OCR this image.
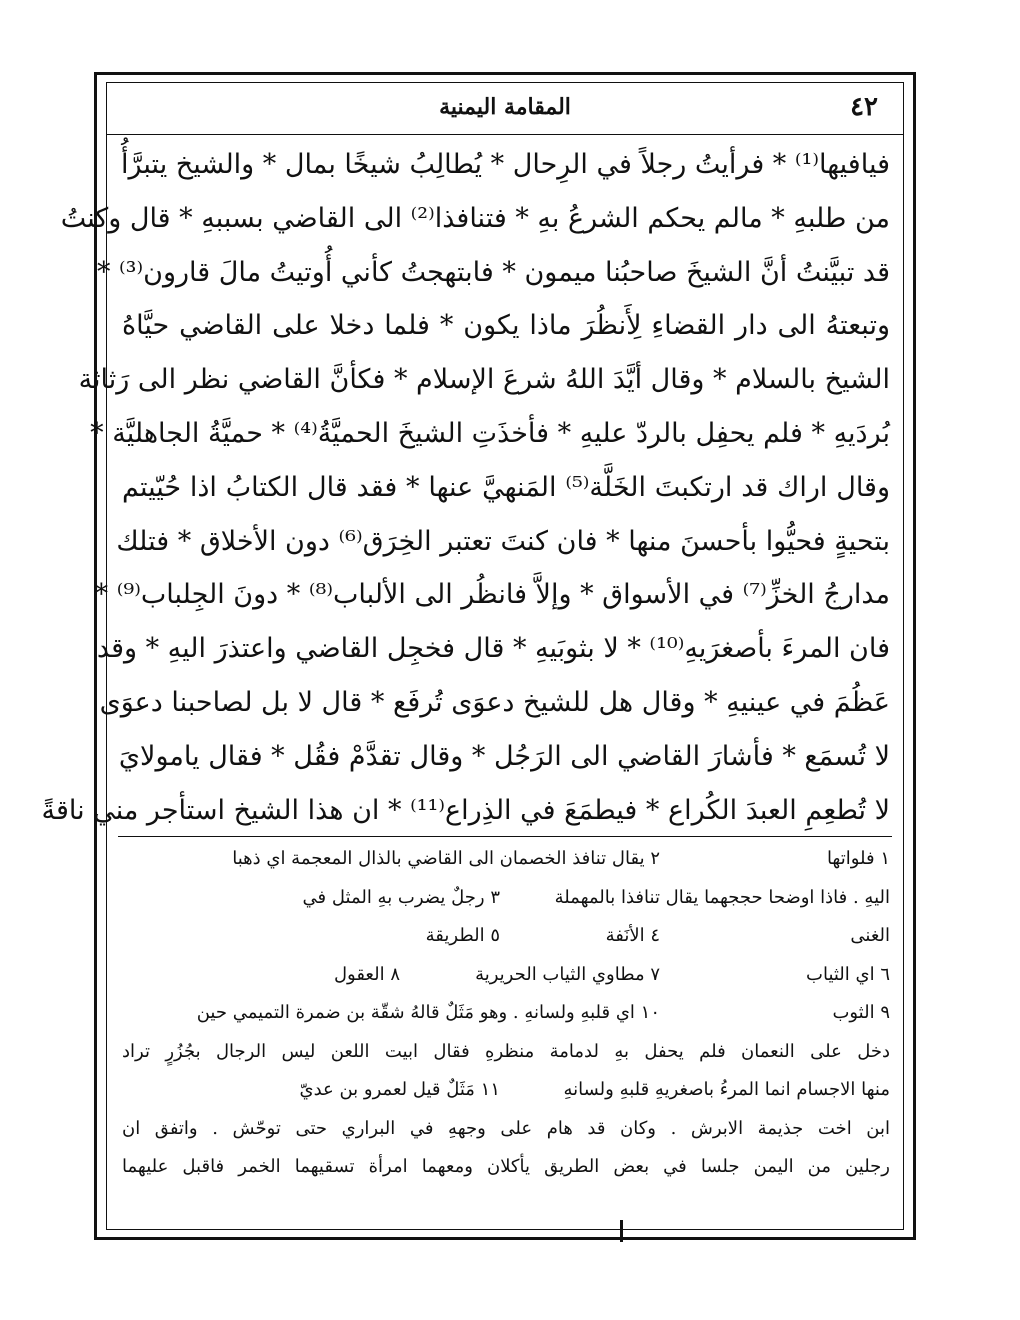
المقامة اليمنية	٤٢
فيافيها⁽¹⁾ * فرأيتُ رجلاً في الرِحال * يُطالِبُ شيخًا بمال * والشيخ يتبرَّأُ
من طلبهِ * مالم يحكم الشرعُ بهِ * فتنافذا⁽²⁾ الى القاضي بسببهِ * قال وكنتُ
قد تبيَّنتُ أنَّ الشيخَ صاحبُنا ميمون * فابتهجتُ كأني أُوتيتُ مالَ قارون⁽³⁾ *
وتبعتهُ الى دار القضاءِ لِأَنظُرَ ماذا يكون * فلما دخلا على القاضي حيَّاهُ
الشيخ بالسلام * وقال أيَّدَ اللهُ شرعَ الإسلام * فكأنَّ القاضي نظر الى رَثاثة
بُردَيهِ * فلم يحفِل بالردّ عليهِ * فأخذَتِ الشيخَ الحميَّةُ⁽⁴⁾ * حميَّةُ الجاهليَّة *
وقال اراك قد ارتكبتَ الخَلَّة⁽⁵⁾ المَنهيَّ عنها * فقد قال الكتابُ اذا حُيّيتم
بتحيةٍ فحيُّوا بأحسنَ منها * فان كنتَ تعتبر الخِرَق⁽⁶⁾ دون الأخلاق * فتلك
مدارجُ الخزِّ⁽⁷⁾ في الأسواق * وإلاَّ فانظُر الى الألباب⁽⁸⁾ * دونَ الجِلباب⁽⁹⁾ *
فان المرءَ بأصغرَيهِ⁽¹⁰⁾ * لا بثوبَيهِ * قال فخجِل القاضي واعتذرَ اليهِ * وقد
عَظُمَ في عينيهِ * وقال هل للشيخ دعوَى تُرفَع * قال لا بل لصاحبنا دعوَى
لا تُسمَع * فأشارَ القاضي الى الرَجُل * وقال تقدَّمْ فقُل * فقال يامولايَ
لا تُطعِمِ العبدَ الكُراع * فيطمَعَ في الذِراع⁽¹¹⁾ * ان هذا الشيخ استأجر مني ناقةً
١ فلواتها
٢ يقال تنافذ الخصمان الى القاضي بالذال المعجمة اي ذهبا
اليهِ . فاذا اوضحا حججهما يقال تنافذا بالمهملة
٣ رجلٌ يضرب بهِ المثل في
الغنى
٤ الأنَفة
٥ الطريقة
٦ اي الثياب
٧ مطاوي الثياب الحريرية
٨ العقول
٩ الثوب
١٠ اي قلبهِ ولسانهِ . وهو مَثَلٌ قالهُ شقّة بن ضمرة التميمي حين
دخل على النعمان فلم يحفل بهِ لدمامة منظرهِ فقال ابيت اللعن ليس الرجال بجُزُرٍ تراد
منها الاجسام انما المرءُ باصغريهِ قلبهِ ولسانهِ
١١ مَثَلٌ قيل لعمرو بن عديّ
ابن اخت جذيمة الابرش . وكان قد هام على وجههِ في البراري حتى توحّش . واتفق ان
رجلين من اليمن جلسا في بعض الطريق يأكلان ومعهما امرأة تسقيهما الخمر فاقبل عليهما
